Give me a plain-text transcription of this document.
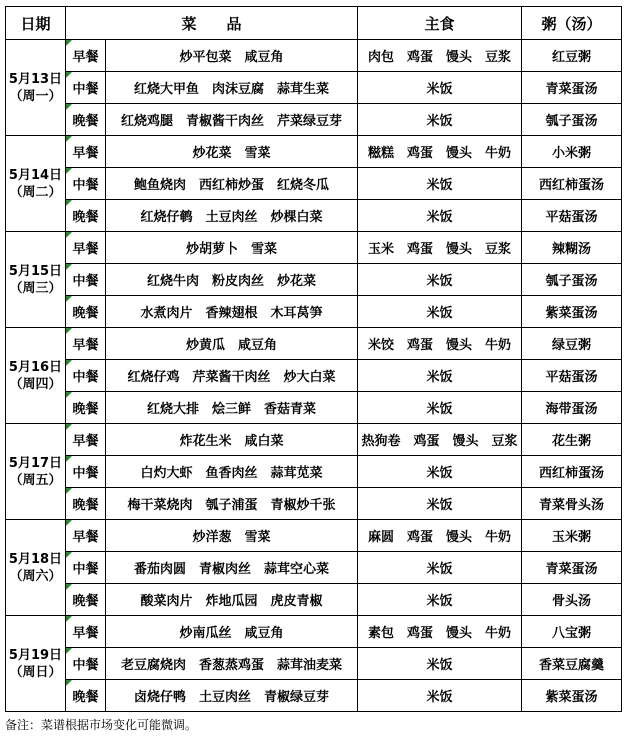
日期	菜　　品		主食	粥（汤）

5月13日
（周一）	早餐	炒平包菜　咸豆角	肉包　鸡蛋　馒头　豆浆	红豆粥
	中餐	红烧大甲鱼　肉沫豆腐　蒜茸生菜	米饭	青菜蛋汤
	晚餐	红烧鸡腿　青椒酱干肉丝　芹菜绿豆芽	米饭	瓠子蛋汤

5月14日
（周二）	早餐	炒花菜　雪菜	糍糕　鸡蛋　馒头　牛奶	小米粥
	中餐	鲍鱼烧肉　西红柿炒蛋　红烧冬瓜	米饭	西红柿蛋汤
	晚餐	红烧仔鹌　土豆肉丝　炒棵白菜	米饭	平菇蛋汤

5月15日
（周三）	早餐	炒胡萝卜　雪菜	玉米　鸡蛋　馒头　豆浆	辣糊汤
	中餐	红烧牛肉　粉皮肉丝　炒花菜	米饭	瓠子蛋汤
	晚餐	水煮肉片　香辣翅根　木耳莴笋	米饭	紫菜蛋汤

5月16日
（周四）	早餐	炒黄瓜　咸豆角	米饺　鸡蛋　馒头　牛奶	绿豆粥
	中餐	红烧仔鸡　芹菜酱干肉丝　炒大白菜	米饭	平菇蛋汤
	晚餐	红烧大排　烩三鲜　香菇青菜	米饭	海带蛋汤

5月17日
（周五）	早餐	炸花生米　咸白菜	热狗卷　鸡蛋　馒头　豆浆	花生粥
	中餐	白灼大虾　鱼香肉丝　蒜茸苋菜	米饭	西红柿蛋汤
	晚餐	梅干菜烧肉　瓠子浦蛋　青椒炒千张	米饭	青菜骨头汤

5月18日
（周六）	早餐	炒洋葱　雪菜	麻圆　鸡蛋　馒头　牛奶	玉米粥
	中餐	番茄肉圆　青椒肉丝　蒜茸空心菜	米饭	青菜蛋汤
	晚餐	酸菜肉片　炸地瓜园　虎皮青椒	米饭	骨头汤

5月19日
（周日）	早餐	炒南瓜丝　咸豆角	素包　鸡蛋　馒头　牛奶	八宝粥
	中餐	老豆腐烧肉　香葱蒸鸡蛋　蒜茸油麦菜	米饭	香菜豆腐羹
	晚餐	卤烧仔鸭　土豆肉丝　青椒绿豆芽	米饭	紫菜蛋汤
备注：菜谱根据市场变化可能微调。
